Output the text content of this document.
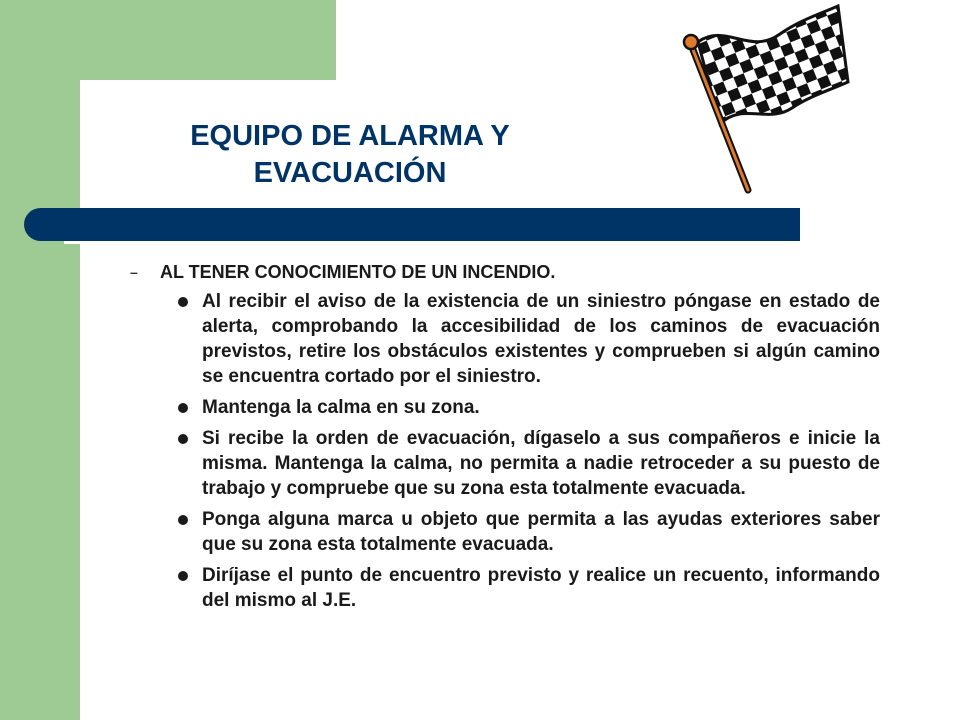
EQUIPO DE ALARMA Y
EVACUACIÓN
– AL TENER CONOCIMIENTO DE UN INCENDIO.
Al recibir el aviso de la existencia de un siniestro póngase en estado de alerta, comprobando la accesibilidad de los caminos de evacuación previstos, retire los obstáculos existentes y comprueben si algún camino se encuentra cortado por el siniestro.
Mantenga la calma en su zona.
Si recibe la orden de evacuación, dígaselo a sus compañeros e inicie la misma. Mantenga la calma, no permita a nadie retroceder a su puesto de trabajo y compruebe que su zona esta totalmente evacuada.
Ponga alguna marca u objeto que permita a las ayudas exteriores saber que su zona esta totalmente evacuada.
Diríjase el punto de encuentro previsto y realice un recuento, informando del mismo al J.E.
